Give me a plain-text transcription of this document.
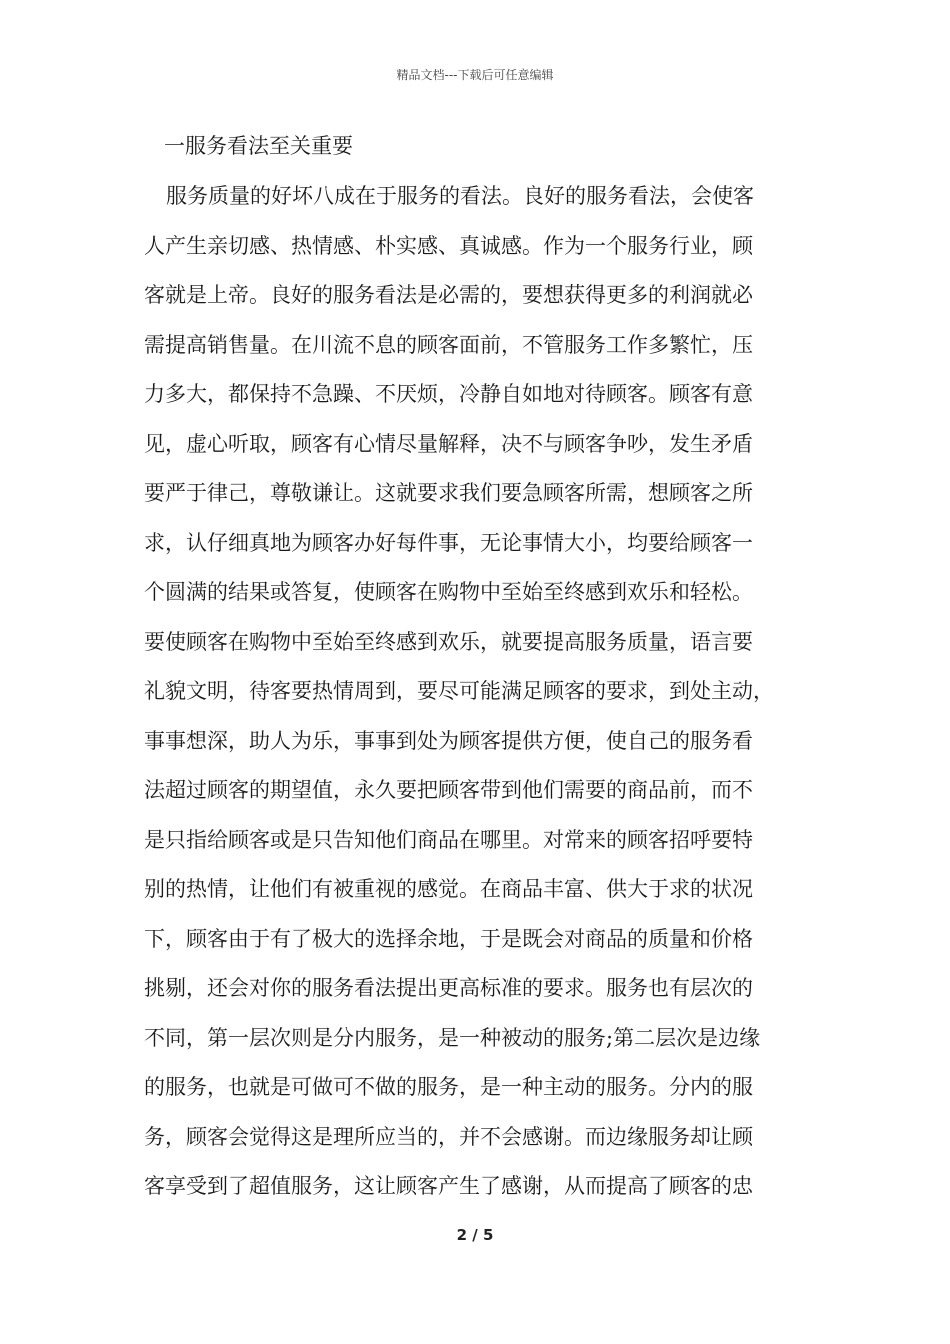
精品文档---下载后可任意编辑
一服务看法至关重要
服务质量的好坏八成在于服务的看法。良好的服务看法，会使客
人产生亲切感、热情感、朴实感、真诚感。作为一个服务行业，顾
客就是上帝。良好的服务看法是必需的，要想获得更多的利润就必
需提高销售量。在川流不息的顾客面前，不管服务工作多繁忙，压
力多大，都保持不急躁、不厌烦，冷静自如地对待顾客。顾客有意
见，虚心听取，顾客有心情尽量解释，决不与顾客争吵，发生矛盾
要严于律己，尊敬谦让。这就要求我们要急顾客所需，想顾客之所
求，认仔细真地为顾客办好每件事，无论事情大小，均要给顾客一
个圆满的结果或答复，使顾客在购物中至始至终感到欢乐和轻松。
要使顾客在购物中至始至终感到欢乐，就要提高服务质量，语言要
礼貌文明，待客要热情周到，要尽可能满足顾客的要求，到处主动，
事事想深，助人为乐，事事到处为顾客提供方便，使自己的服务看
法超过顾客的期望值，永久要把顾客带到他们需要的商品前，而不
是只指给顾客或是只告知他们商品在哪里。对常来的顾客招呼要特
别的热情，让他们有被重视的感觉。在商品丰富、供大于求的状况
下，顾客由于有了极大的选择余地，于是既会对商品的质量和价格
挑剔，还会对你的服务看法提出更高标准的要求。服务也有层次的
不同，第一层次则是分内服务，是一种被动的服务;第二层次是边缘
的服务，也就是可做可不做的服务，是一种主动的服务。分内的服
务，顾客会觉得这是理所应当的，并不会感谢。而边缘服务却让顾
客享受到了超值服务，这让顾客产生了感谢，从而提高了顾客的忠
2 / 5
